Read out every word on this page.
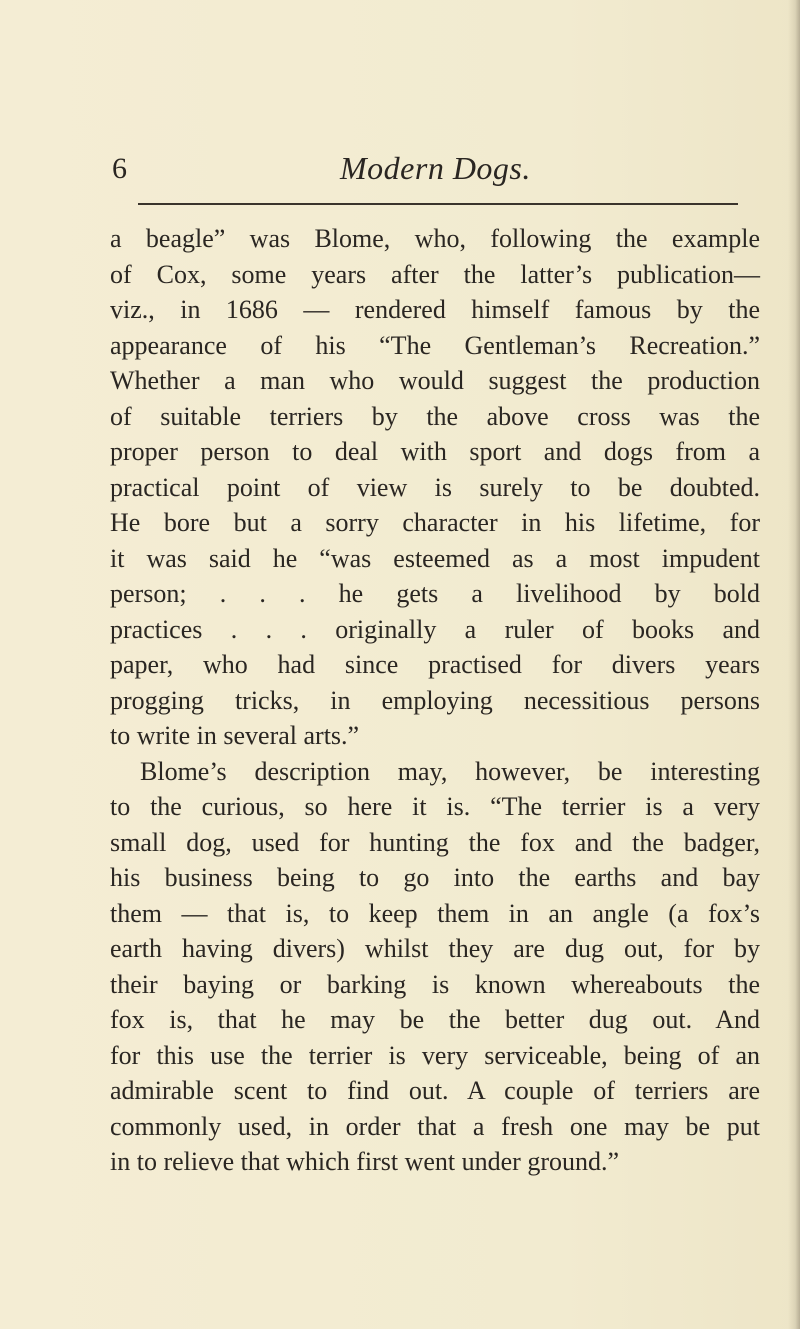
6	Modern Dogs.
a beagle” was Blome, who, following the example
of Cox, some years after the latter’s publication—
viz., in 1686 — rendered himself famous by the
appearance of his “The Gentleman’s Recreation.”
Whether a man who would suggest the production
of suitable terriers by the above cross was the
proper person to deal with sport and dogs from a
practical point of view is surely to be doubted.
He bore but a sorry character in his lifetime, for
it was said he “was esteemed as a most impudent
person; . . . he gets a livelihood by bold
practices . . . originally a ruler of books and
paper, who had since practised for divers years
progging tricks, in employing necessitious persons
to write in several arts.”
Blome’s description may, however, be interesting
to the curious, so here it is. “The terrier is a very
small dog, used for hunting the fox and the badger,
his business being to go into the earths and bay
them — that is, to keep them in an angle (a fox’s
earth having divers) whilst they are dug out, for by
their baying or barking is known whereabouts the
fox is, that he may be the better dug out. And
for this use the terrier is very serviceable, being of an
admirable scent to find out. A couple of terriers are
commonly used, in order that a fresh one may be put
in to relieve that which first went under ground.”
